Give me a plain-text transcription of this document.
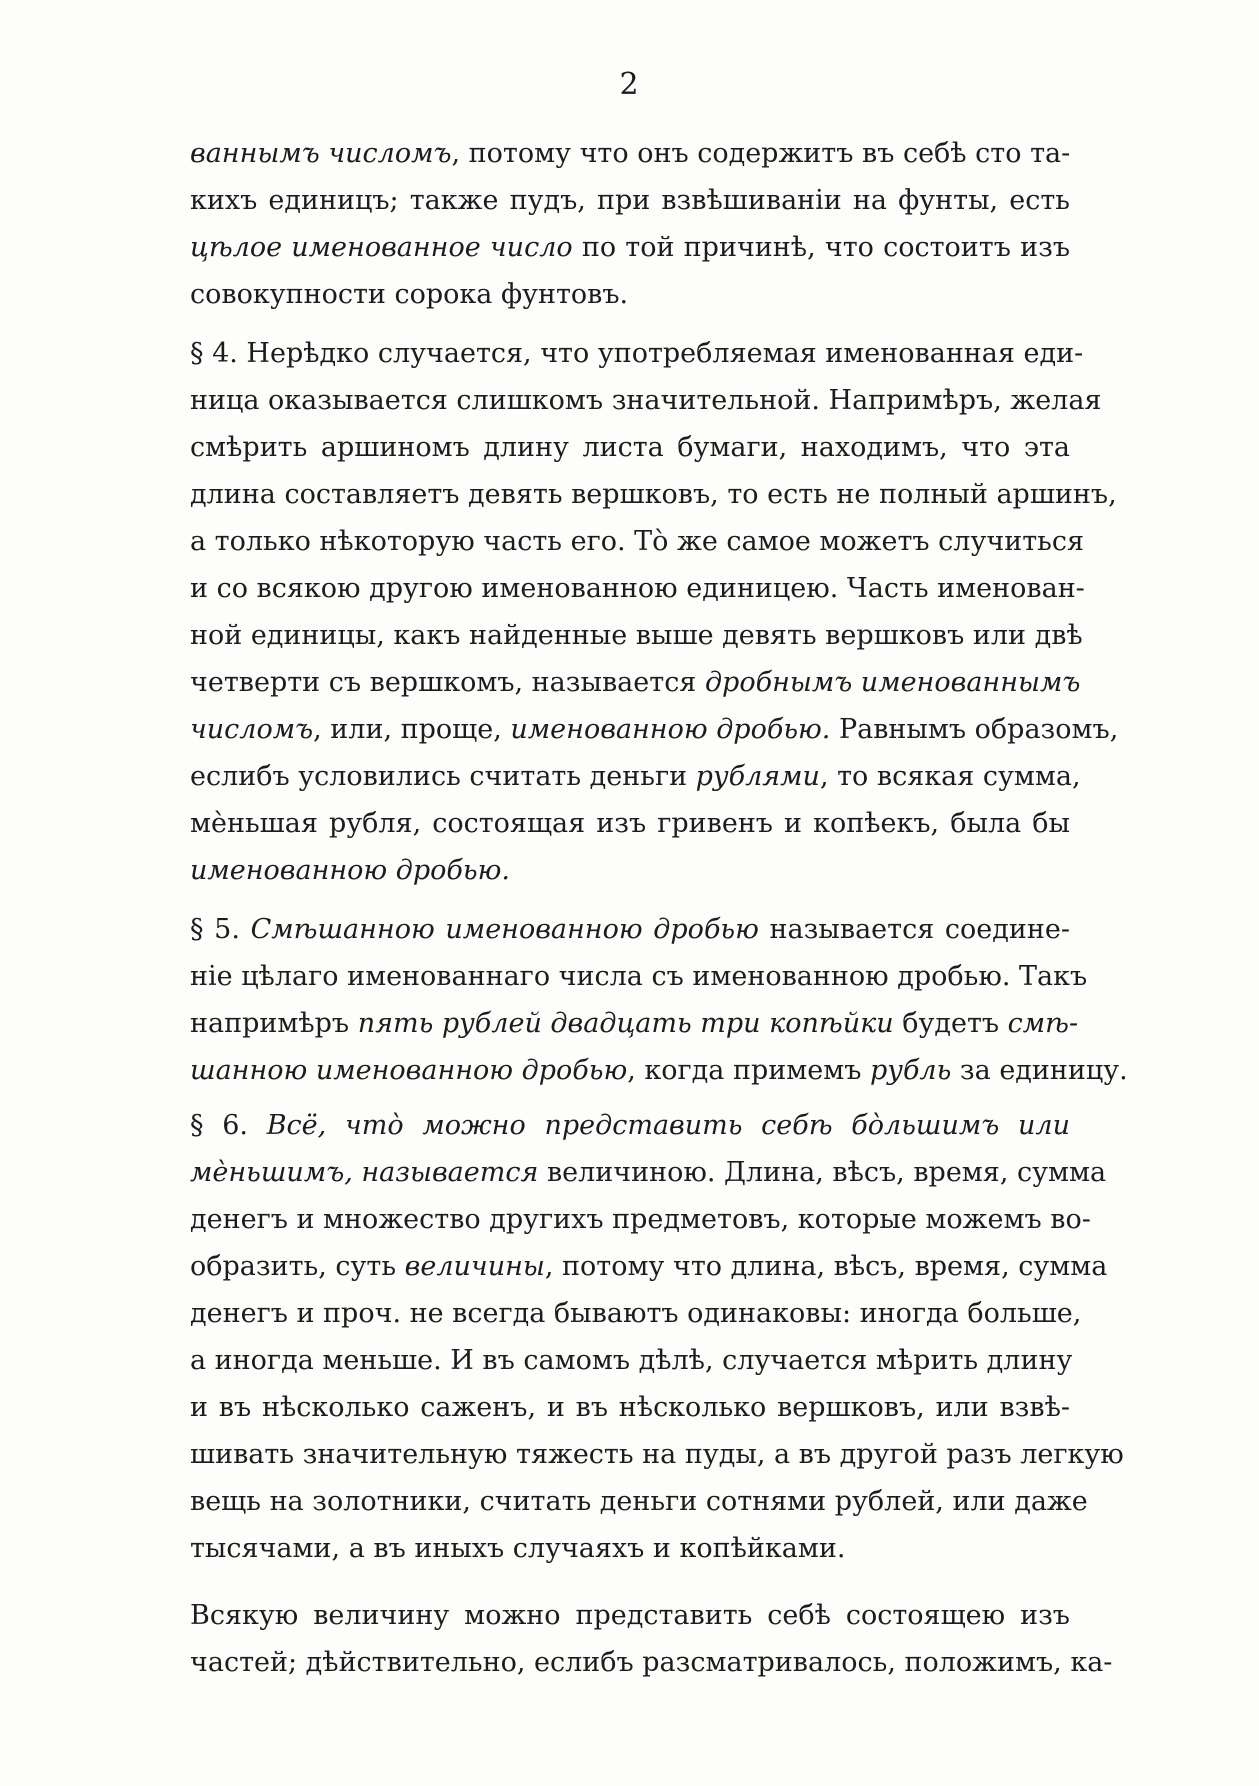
2
ваннымъ числомъ, потому что онъ содержитъ въ себѣ сто та-
кихъ единицъ; также пудъ, при взвѣшиваніи на фунты, есть
цѣлое именованное число по той причинѣ, что состоитъ изъ
совокупности сорока фунтовъ.
§ 4. Нерѣдко случается, что употребляемая именованная еди-
ница оказывается слишкомъ значительной. Напримѣръ, желая
смѣрить аршиномъ длину листа бумаги, находимъ, что эта
длина составляетъ девять вершковъ, то есть не полный аршинъ,
а только нѣкоторую часть его. Тò же самое можетъ случиться
и со всякою другою именованною единицею. Часть именован-
ной единицы, какъ найденные выше девять вершковъ или двѣ
четверти съ вершкомъ, называется дробнымъ именованнымъ
числомъ, или, проще, именованною дробью. Равнымъ образомъ,
еслибъ условились считать деньги рублями, то всякая сумма,
мѐньшая рубля, состоящая изъ гривенъ и копѣекъ, была бы
именованною дробью.
§ 5. Смѣшанною именованною дробью называется соедине-
ніе цѣлаго именованнаго числа съ именованною дробью. Такъ
напримѣръ пять рублей двадцать три копѣйки будетъ смѣ-
шанною именованною дробью, когда примемъ рубль за единицу.
§ 6. Всё, что̀ можно представить себѣ бòльшимъ или
мѐньшимъ, называется величиною. Длина, вѣсъ, время, сумма
денегъ и множество другихъ предметовъ, которые можемъ во-
образить, суть величины, потому что длина, вѣсъ, время, сумма
денегъ и проч. не всегда бываютъ одинаковы: иногда больше,
а иногда меньше. И въ самомъ дѣлѣ, случается мѣрить длину
и въ нѣсколько саженъ, и въ нѣсколько вершковъ, или взвѣ-
шивать значительную тяжесть на пуды, а въ другой разъ легкую
вещь на золотники, считать деньги сотнями рублей, или даже
тысячами, а въ иныхъ случаяхъ и копѣйками.
Всякую величину можно представить себѣ состоящею изъ
частей; дѣйствительно, еслибъ разсматривалось, положимъ, ка-
